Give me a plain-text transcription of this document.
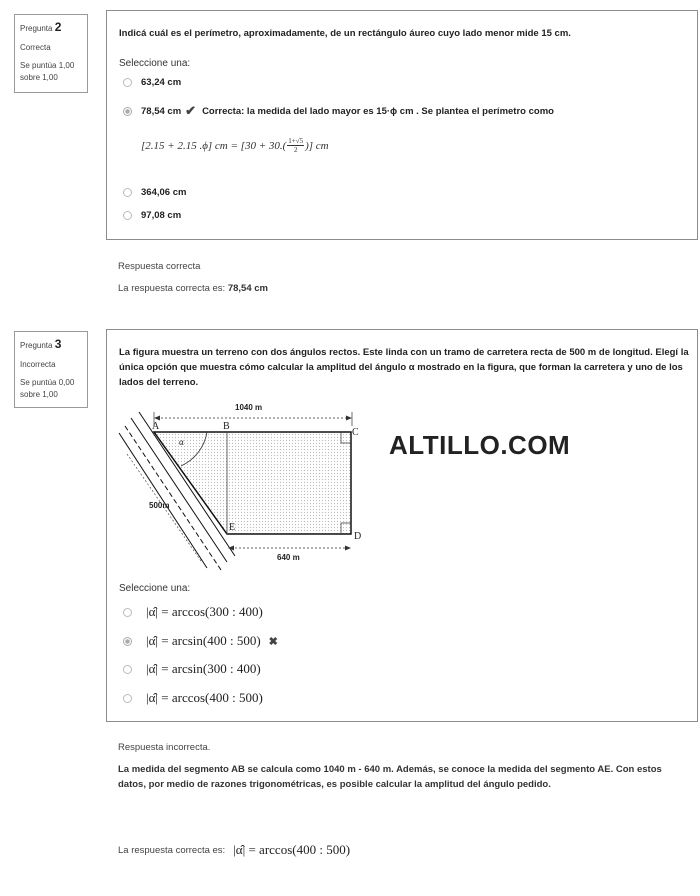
Pregunta 2

Correcta

Se puntúa 1,00 sobre 1,00

Indicá cuál es el perímetro, aproximadamente, de un rectángulo áureo cuyo lado menor mide 15 cm.
Seleccione una:
63,24 cm
78,54 cm ✔ Correcta: la medida del lado mayor es 15·ϕ cm . Se plantea el perímetro como
[2.15 + 2.15 .ϕ] cm = [$30 + 30.( \frac{1+√5}{2}$ )] cm
364,06 cm
97,08 cm
Respuesta correcta
La respuesta correcta es: 78,54 cm
Pregunta 3

Incorrecta

Se puntúa 0,00 sobre 1,00

La figura muestra un terreno con dos ángulos rectos. Este linda con un tramo de carretera recta de 500 m de longitud. Elegí la única opción que muestra cómo calcular la amplitud del ángulo α mostrado en la figura, que forman la carretera y uno de los lados del terreno.
1040 m
640 m
500m
α
A	B
C
D
E
ALTILLO.COM
Seleccione una:
|α̂| = arccos(300 : 400)
|α̂| = arcsin(400 : 500) ✖
|α̂| = arcsin(300 : 400)
|α̂| = arccos(400 : 500)
Respuesta incorrecta.
La medida del segmento AB se calcula como 1040 m - 640 m. Además, se conoce la medida del segmento AE. Con estos datos, por medio de razones trigonométricas, es posible calcular la amplitud del ángulo pedido.
La respuesta correcta es: |α̂| = arccos(400 : 500)
